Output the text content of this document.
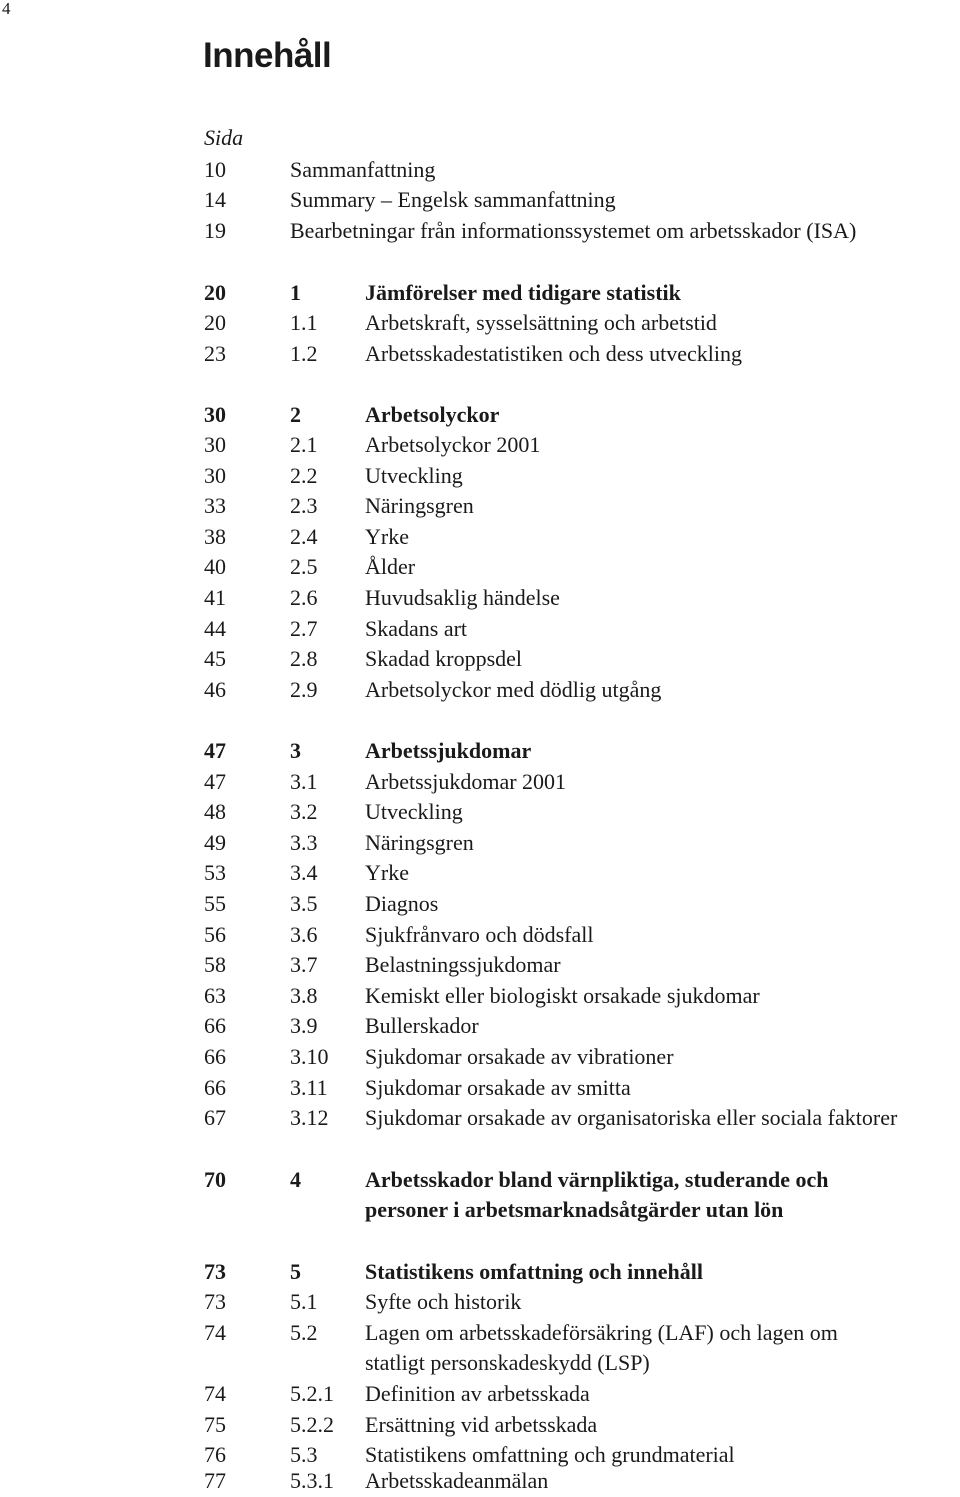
4
Innehåll
Sida
10	Sammanfattning
14	Summary – Engelsk sammanfattning
19	Bearbetningar från informationssystemet om arbetsskador (ISA)
20	1	Jämförelser med tidigare statistik
20	1.1 Arbetskraft, sysselsättning och arbetstid
23	1.2 Arbetsskadestatistiken och dess utveckling
30	2	Arbetsolyckor
30	2.1 Arbetsolyckor 2001
30	2.2 Utveckling
33	2.3 Näringsgren
38	2.4 Yrke
40	2.5 Ålder
41	2.6 Huvudsaklig händelse
44	2.7 Skadans art
45	2.8 Skadad kroppsdel
46	2.9 Arbetsolyckor med dödlig utgång
47	3	Arbetssjukdomar
47	3.1 Arbetssjukdomar 2001
48	3.2 Utveckling
49	3.3 Näringsgren
53	3.4 Yrke
55	3.5 Diagnos
56	3.6 Sjukfrånvaro och dödsfall
58	3.7 Belastningssjukdomar
63	3.8 Kemiskt eller biologiskt orsakade sjukdomar
66	3.9 Bullerskador
66	3.10 Sjukdomar orsakade av vibrationer
66	3.11 Sjukdomar orsakade av smitta
67	3.12 Sjukdomar orsakade av organisatoriska eller sociala faktorer
70	4	Arbetsskador bland värnpliktiga, studerande och
personer i arbetsmarknadsåtgärder utan lön
73	5	Statistikens omfattning och innehåll
73	5.1 Syfte och historik
74	5.2 Lagen om arbetsskadeförsäkring (LAF) och lagen om
statligt personskadeskydd (LSP)
74	5.2.1 Definition av arbetsskada
75	5.2.2 Ersättning vid arbetsskada
76	5.3 Statistikens omfattning och grundmaterial
77	5.3.1 Arbetsskadeanmälan
